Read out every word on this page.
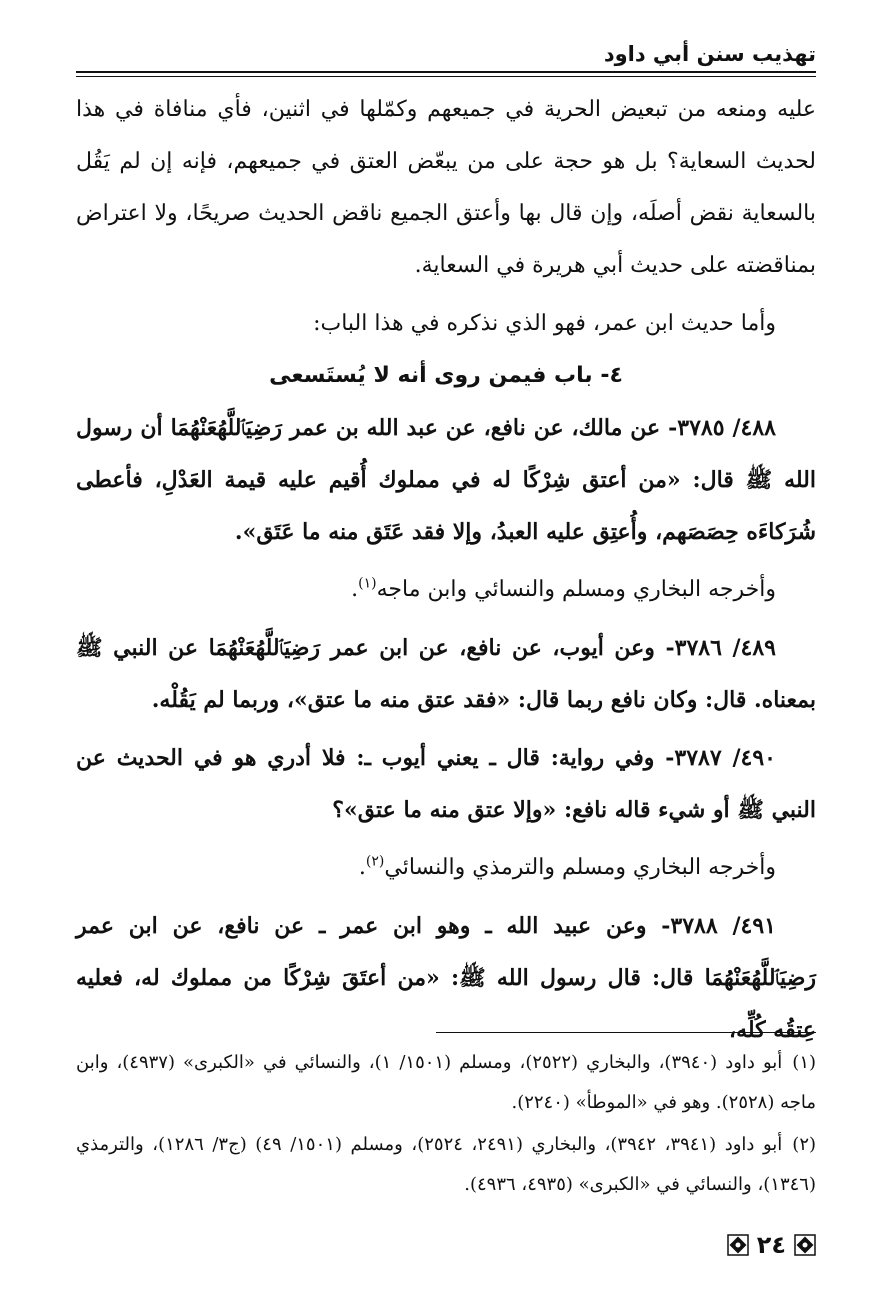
تهذيب سنن أبي داود

عليه ومنعه من تبعيض الحرية في جميعهم وكمّلها في اثنين، فأي منافاة في هذا لحديث السعاية؟ بل هو حجة على من يبعّض العتق في جميعهم، فإنه إن لم يَقُل بالسعاية نقض أصلَه، وإن قال بها وأعتق الجميع ناقض الحديث صريحًا، ولا اعتراض بمناقضته على حديث أبي هريرة في السعاية.

وأما حديث ابن عمر، فهو الذي نذكره في هذا الباب:

٤- باب فيمن روى أنه لا يُستَسعى

٤٨٨/ ٣٧٨٥- عن مالك، عن نافع، عن عبد الله بن عمر رَضِيَٱللَّهُعَنْهُمَا أن رسول الله ﷺ قال: «من أعتق شِرْكًا له في مملوك أُقيم عليه قيمة العَدْلِ، فأعطى شُرَكاءَه حِصَصَهم، وأُعتِق عليه العبدُ، وإلا فقد عَتَق منه ما عَتَق».

وأخرجه البخاري ومسلم والنسائي وابن ماجه$^{(١)}$.

٤٨٩/ ٣٧٨٦- وعن أيوب، عن نافع، عن ابن عمر رَضِيَٱللَّهُعَنْهُمَا عن النبي ﷺ بمعناه. قال: وكان نافع ربما قال: «فقد عتق منه ما عتق»، وربما لم يَقُلْه.

٤٩٠/ ٣٧٨٧- وفي رواية: قال ـ يعني أيوب ـ: فلا أدري هو في الحديث عن النبي ﷺ أو شيء قاله نافع: «وإلا عتق منه ما عتق»؟

وأخرجه البخاري ومسلم والترمذي والنسائي$^{(٢)}$.

٤٩١/ ٣٧٨٨- وعن عبيد الله ـ وهو ابن عمر ـ عن نافع، عن ابن عمر رَضِيَٱللَّهُعَنْهُمَا قال: قال رسول الله ﷺ: «من أعتَقَ شِرْكًا من مملوك له، فعليه عِتقُه كُلِّه،

(١)أبو داود (٣٩٤٠)، والبخاري (٢٥٢٢)، ومسلم (١٥٠١/ ١)، والنسائي في «الكبرى» (٤٩٣٧)، وابن ماجه (٢٥٢٨). وهو في «الموطأ» (٢٢٤٠).

(٢)أبو داود (٣٩٤١، ٣٩٤٢)، والبخاري (٢٤٩١، ٢٥٢٤)، ومسلم (١٥٠١/ ٤٩) (ج٣/ ١٢٨٦)، والترمذي (١٣٤٦)، والنسائي في «الكبرى» (٤٩٣٥، ٤٩٣٦).

٢٤
